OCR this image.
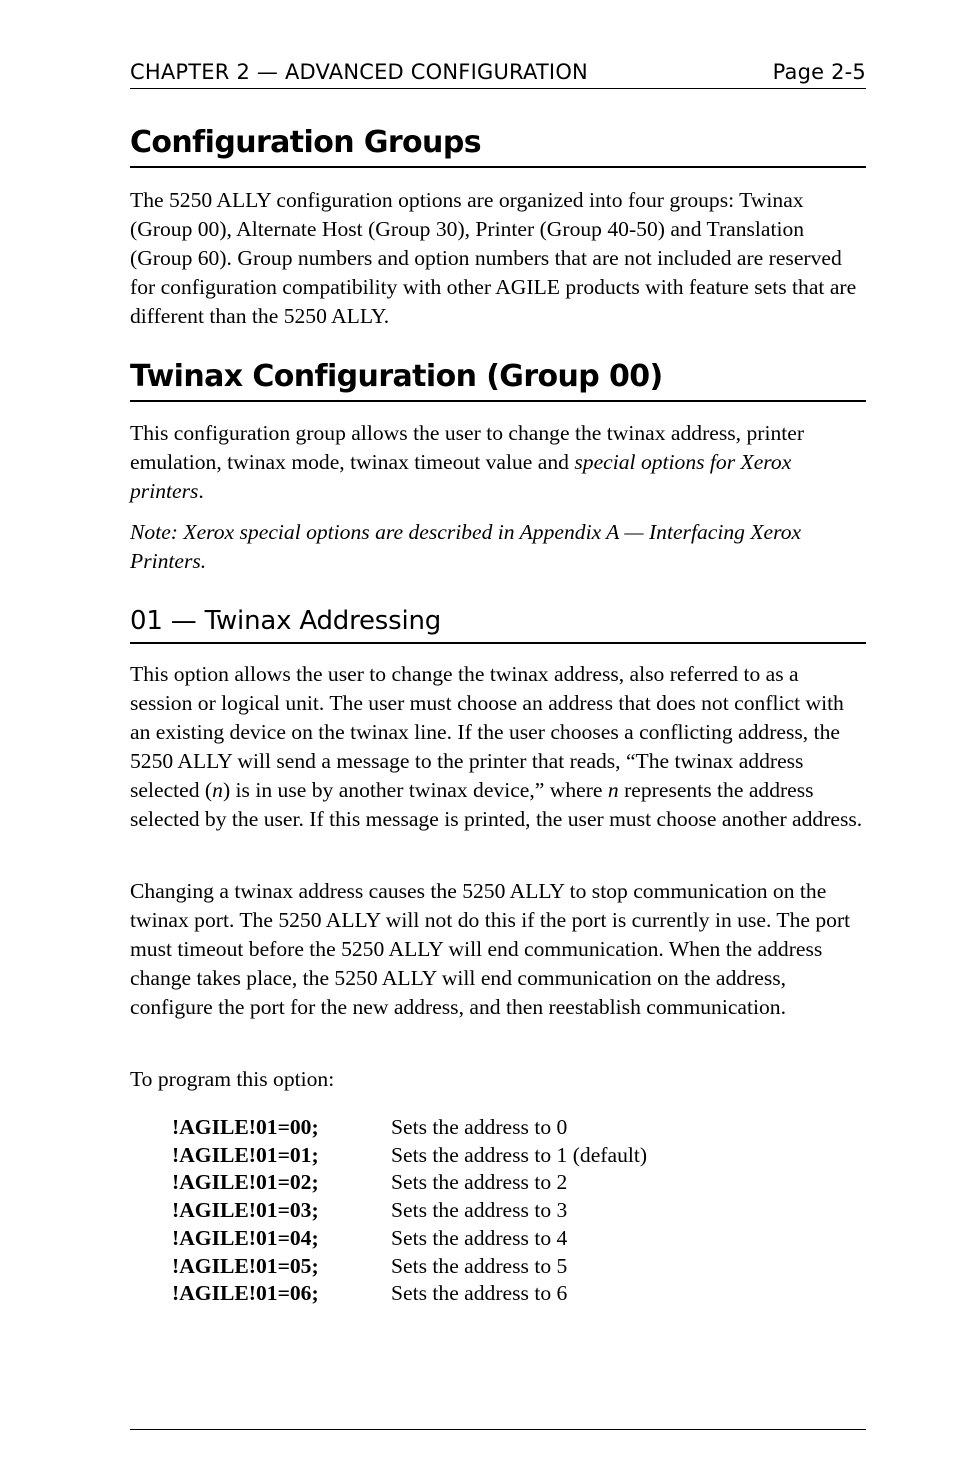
CHAPTER 2 — ADVANCED CONFIGURATION	Page 2-5
Configuration Groups

The 5250 ALLY configuration options are organized into four groups: Twinax (Group 00), Alternate Host (Group 30), Printer (Group 40-50) and Translation (Group 60). Group numbers and option numbers that are not included are reserved for configuration compatibility with other AGILE products with feature sets that are different than the 5250 ALLY.

Twinax Configuration (Group 00)

This configuration group allows the user to change the twinax address, printer emulation, twinax mode, twinax timeout value and special options for Xerox printers.

Note: Xerox special options are described in Appendix A — Interfacing Xerox Printers.

01 — Twinax Addressing

This option allows the user to change the twinax address, also referred to as a session or logical unit. The user must choose an address that does not conflict with an existing device on the twinax line. If the user chooses a conflicting address, the 5250 ALLY will send a message to the printer that reads, “The twinax address selected (n) is in use by another twinax device,” where n represents the address selected by the user. If this message is printed, the user must choose another address.

Changing a twinax address causes the 5250 ALLY to stop communication on the twinax port. The 5250 ALLY will not do this if the port is currently in use. The port must timeout before the 5250 ALLY will end communication. When the address change takes place, the 5250 ALLY will end communication on the address, configure the port for the new address, and then reestablish communication.

To program this option:

!AGILE!01=00;	Sets the address to 0
!AGILE!01=01;	Sets the address to 1 (default)
!AGILE!01=02;	Sets the address to 2
!AGILE!01=03;	Sets the address to 3
!AGILE!01=04;	Sets the address to 4
!AGILE!01=05;	Sets the address to 5
!AGILE!01=06;	Sets the address to 6
